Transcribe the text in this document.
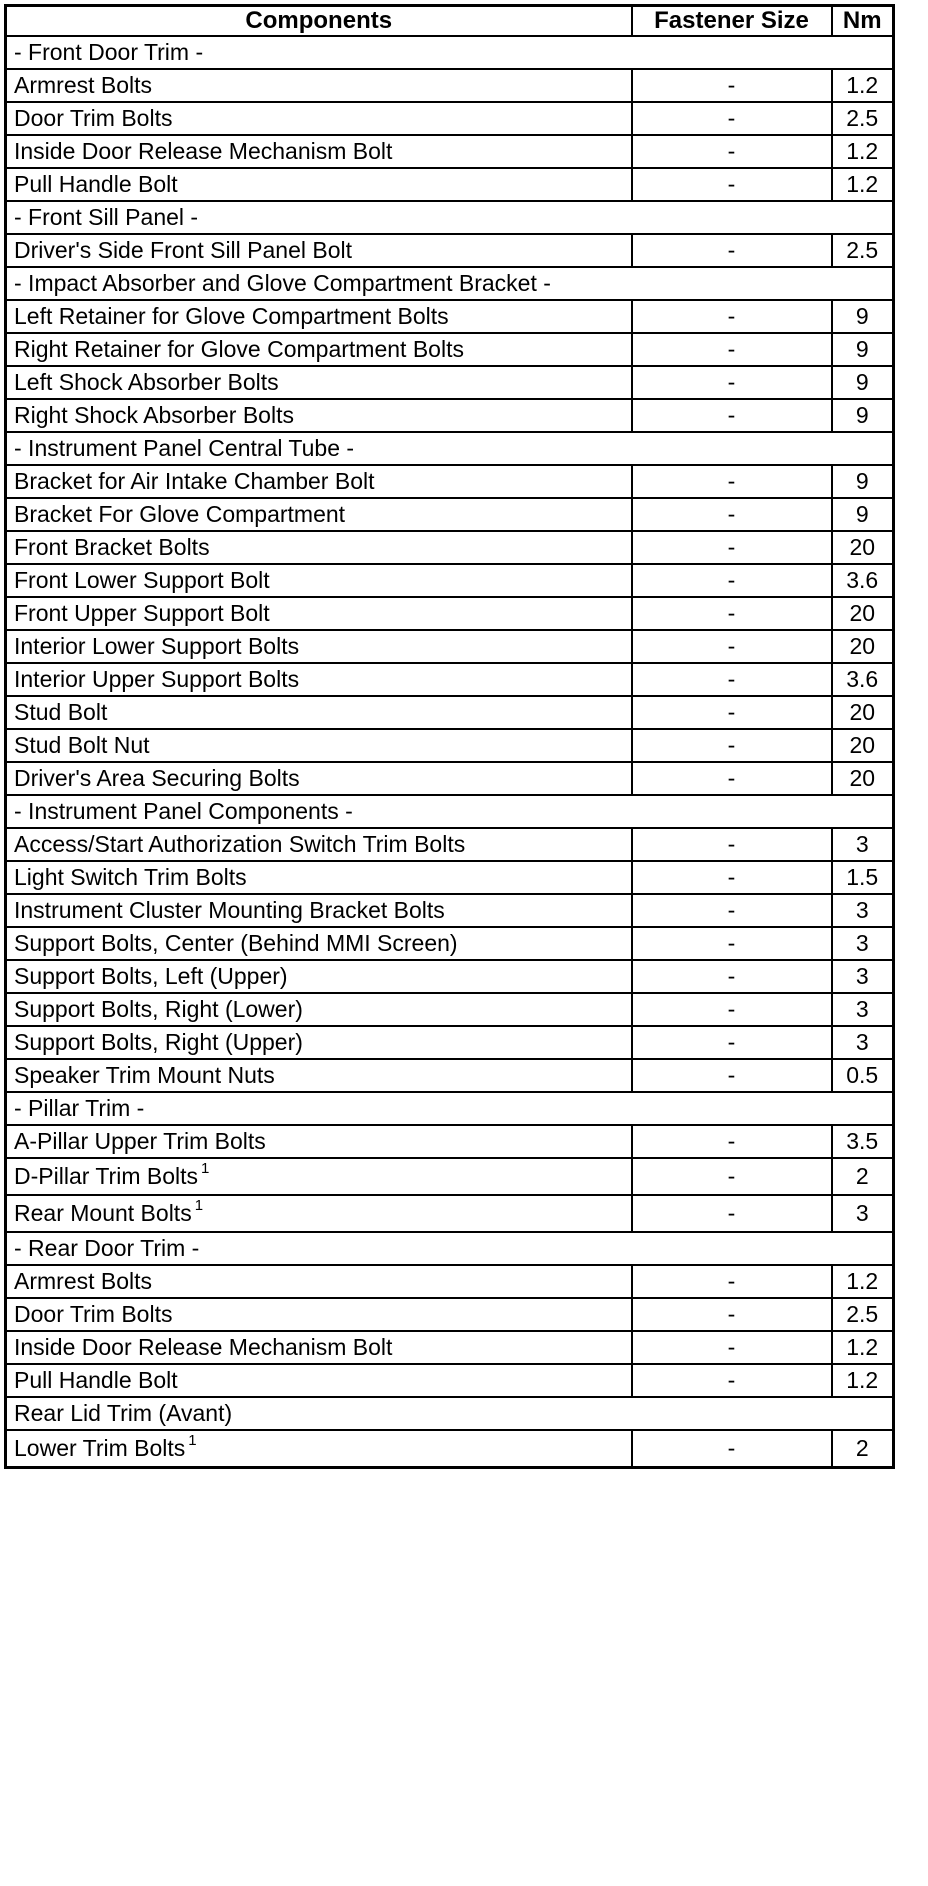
Components	Fastener Size	Nm
- Front Door Trim -		
Armrest Bolts	-	1.2
Door Trim Bolts	-	2.5
Inside Door Release Mechanism Bolt	-	1.2
Pull Handle Bolt	-	1.2
- Front Sill Panel -		
Driver's Side Front Sill Panel Bolt	-	2.5
- Impact Absorber and Glove Compartment Bracket -		
Left Retainer for Glove Compartment Bolts	-	9
Right Retainer for Glove Compartment Bolts	-	9
Left Shock Absorber Bolts	-	9
Right Shock Absorber Bolts	-	9
- Instrument Panel Central Tube -		
Bracket for Air Intake Chamber Bolt	-	9
Bracket For Glove Compartment	-	9
Front Bracket Bolts	-	20
Front Lower Support Bolt	-	3.6
Front Upper Support Bolt	-	20
Interior Lower Support Bolts	-	20
Interior Upper Support Bolts	-	3.6
Stud Bolt	-	20
Stud Bolt Nut	-	20
Driver's Area Securing Bolts	-	20
- Instrument Panel Components -		
Access/Start Authorization Switch Trim Bolts	-	3
Light Switch Trim Bolts	-	1.5
Instrument Cluster Mounting Bracket Bolts	-	3
Support Bolts, Center (Behind MMI Screen)	-	3
Support Bolts, Left (Upper)	-	3
Support Bolts, Right (Lower)	-	3
Support Bolts, Right (Upper)	-	3
Speaker Trim Mount Nuts	-	0.5
- Pillar Trim -		
A-Pillar Upper Trim Bolts	-	3.5
D-Pillar Trim Bolts $^1$	-	2
Rear Mount Bolts $^1$	-	3
- Rear Door Trim -		
Armrest Bolts	-	1.2
Door Trim Bolts	-	2.5
Inside Door Release Mechanism Bolt	-	1.2
Pull Handle Bolt	-	1.2
Rear Lid Trim (Avant)		
Lower Trim Bolts $^1$	-	2
